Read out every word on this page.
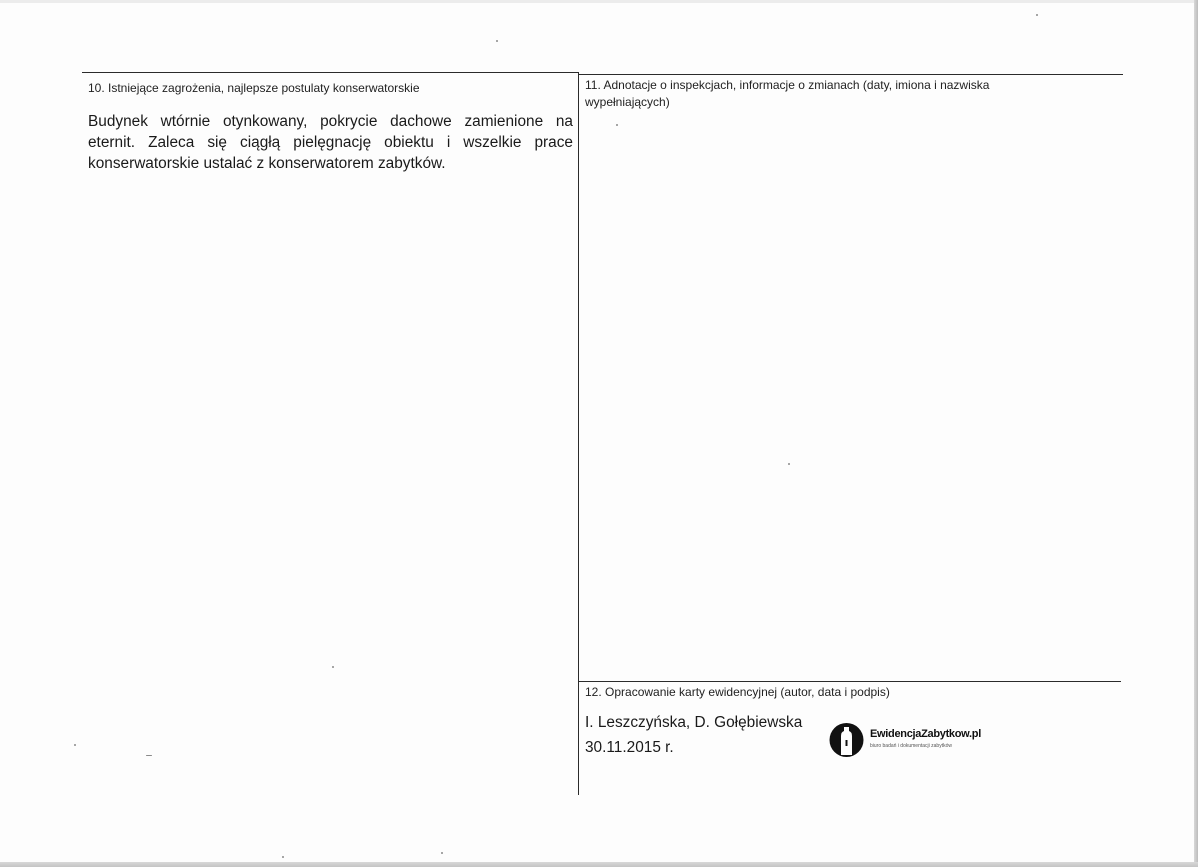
10. Istniejące zagrożenia, najlepsze postulaty konserwatorskie
Budynek wtórnie otynkowany, pokrycie dachowe zamienione na eternit. Zaleca się ciągłą pielęgnację obiektu i wszelkie prace konserwatorskie ustalać z konserwatorem zabytków.
11. Adnotacje o inspekcjach, informacje o zmianach (daty, imiona i nazwiska
wypełniających)
12. Opracowanie karty ewidencyjnej (autor, data i podpis)
I. Leszczyńska, D. Gołębiewska
30.11.2015 r.
EwidencjaZabytkow.pl
biuro badań i dokumentacji zabytków
